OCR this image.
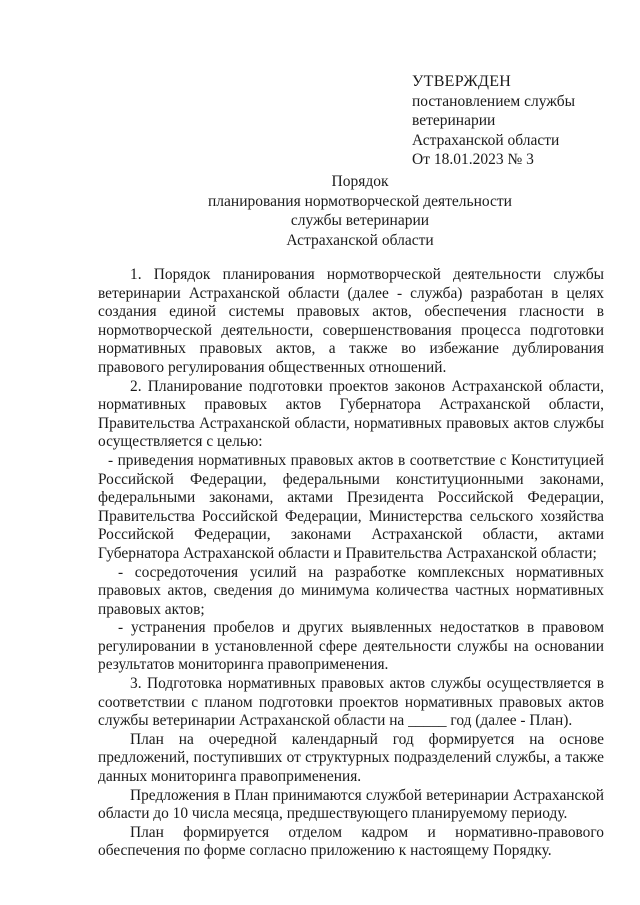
УТВЕРЖДЕН
постановлением службы
ветеринарии
Астраханской области
От 18.01.2023 № 3
Порядок
планирования нормотворческой деятельности
службы ветеринарии
Астраханской области

1. Порядок планирования нормотворческой деятельности службы ветеринарии Астраханской области (далее - служба) разработан в целях создания единой системы правовых актов, обеспечения гласности в нормотворческой деятельности, совершенствования процесса подготовки нормативных правовых актов, а также во избежание дублирования правового регулирования общественных отношений.

2. Планирование подготовки проектов законов Астраханской области, нормативных правовых актов Губернатора Астраханской области, Правительства Астраханской области, нормативных правовых актов службы осуществляется с целью:

- приведения нормативных правовых актов в соответствие с Конституцией Российской Федерации, федеральными конституционными законами, федеральными законами, актами Президента Российской Федерации, Правительства Российской Федерации, Министерства сельского хозяйства Российской Федерации, законами Астраханской области, актами Губернатора Астраханской области и Правительства Астраханской области;

- сосредоточения усилий на разработке комплексных нормативных правовых актов, сведения до минимума количества частных нормативных правовых актов;

- устранения пробелов и других выявленных недостатков в правовом регулировании в установленной сфере деятельности службы на основании результатов мониторинга правоприменения.

3. Подготовка нормативных правовых актов службы осуществляется в соответствии с планом подготовки проектов нормативных правовых актов службы ветеринарии Астраханской области на _____ год (далее - План).

План на очередной календарный год формируется на основе предложений, поступивших от структурных подразделений службы, а также данных мониторинга правоприменения.

Предложения в План принимаются службой ветеринарии Астраханской области до 10 числа месяца, предшествующего планируемому периоду.

План формируется отделом кадром и нормативно-правового обеспечения по форме согласно приложению к настоящему Порядку.
